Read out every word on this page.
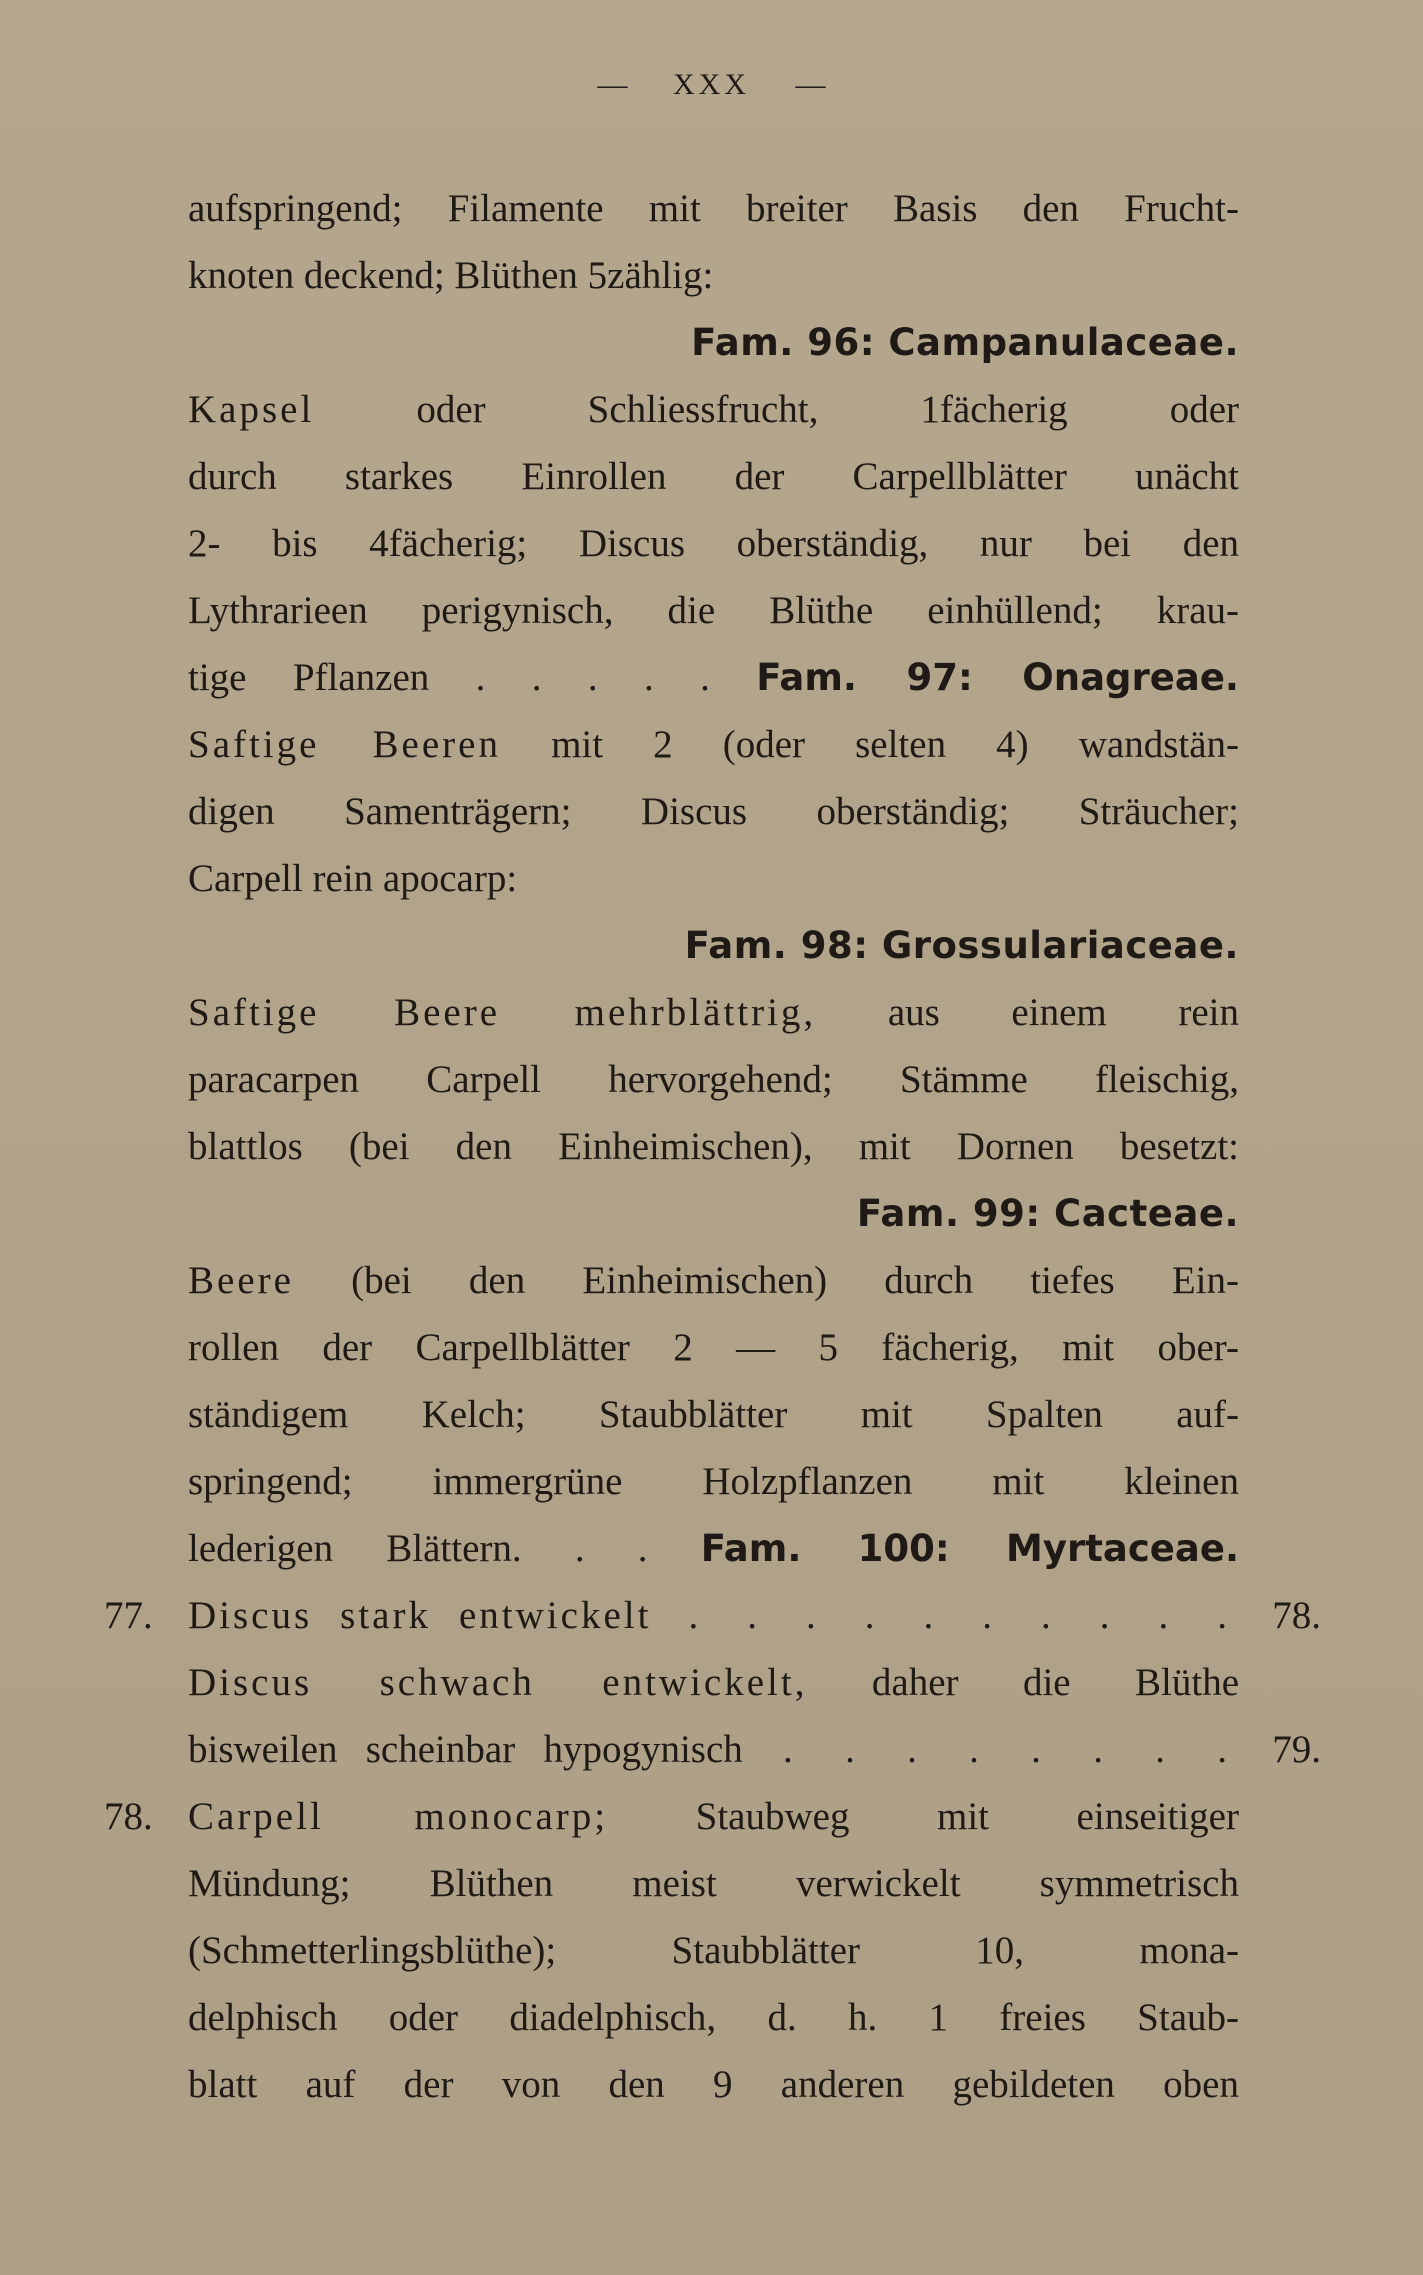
— XXX —
aufspringend; Filamente mit breiter Basis den Frucht-
knoten deckend; Blüthen 5zählig:
Fam. 96: Campanulaceae.
Kapsel oder Schliessfrucht, 1fächerig oder
durch starkes Einrollen der Carpellblätter unächt
2- bis 4fächerig; Discus oberständig, nur bei den
Lythrarieen perigynisch, die Blüthe einhüllend; krau-
tige Pflanzen . . . . . Fam. 97: Onagreae.
Saftige Beeren mit 2 (oder selten 4) wandstän-
digen Samenträgern; Discus oberständig; Sträucher;
Carpell rein apocarp:
Fam. 98: Grossulariaceae.
Saftige Beere mehrblättrig, aus einem rein
paracarpen Carpell hervorgehend; Stämme fleischig,
blattlos (bei den Einheimischen), mit Dornen besetzt:
Fam. 99: Cacteae.
Beere (bei den Einheimischen) durch tiefes Ein-
rollen der Carpellblätter 2 — 5 fächerig, mit ober-
ständigem Kelch; Staubblätter mit Spalten auf-
springend; immergrüne Holzpflanzen mit kleinen
lederigen Blättern. . . Fam. 100: Myrtaceae.
77. Discus stark entwickelt . . . . . . . . . . 78.
Discus schwach entwickelt, daher die Blüthe
bisweilen scheinbar hypogynisch . . . . . . . . 79.
78. Carpell monocarp; Staubweg mit einseitiger
Mündung; Blüthen meist verwickelt symmetrisch
(Schmetterlingsblüthe); Staubblätter 10, mona-
delphisch oder diadelphisch, d. h. 1 freies Staub-
blatt auf der von den 9 anderen gebildeten oben
